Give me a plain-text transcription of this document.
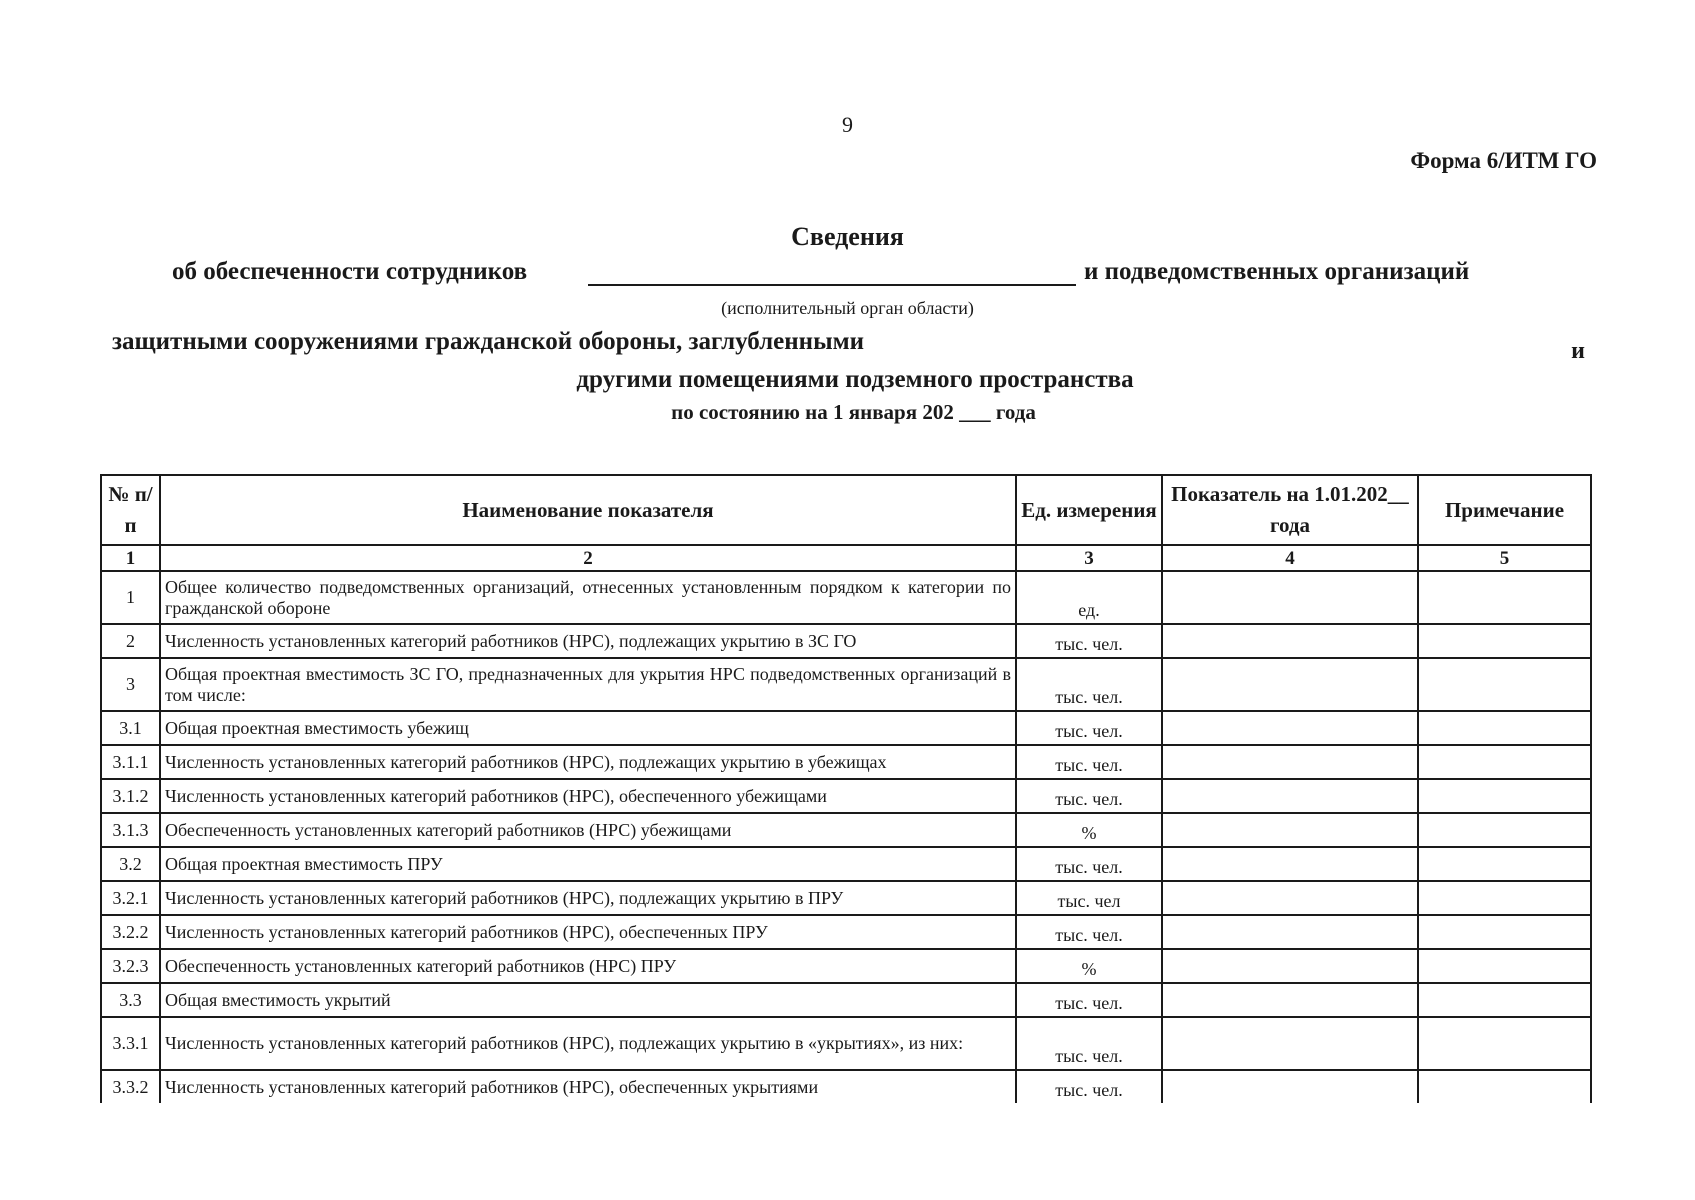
9
Форма 6/ИТМ ГО
Сведения
об обеспеченности сотрудников	и подведомственных организаций
(исполнительный орган области)
защитными сооружениями гражданской обороны, заглубленными	и
другими помещениями подземного пространства
по состоянию на 1 января 202 ___ года
№ п/п	Наименование показателя	Ед. измерения	Показатель на 1.01.202__ года	Примечание
1	2	3	4	5
1	Общее количество подведомственных организаций, отнесенных установленным порядком к категории по гражданской обороне	ед.		
2	Численность установленных категорий работников (НРС), подлежащих укрытию в ЗС ГО	тыс. чел.		
3	Общая проектная вместимость ЗС ГО, предназначенных для укрытия НРС подведомственных организаций в том числе:	тыс. чел.		
3.1	Общая проектная вместимость убежищ	тыс. чел.		
3.1.1	Численность установленных категорий работников (НРС), подлежащих укрытию в убежищах	тыс. чел.		
3.1.2	Численность установленных категорий работников (НРС), обеспеченного убежищами	тыс. чел.		
3.1.3	Обеспеченность установленных категорий работников (НРС) убежищами	%		
3.2	Общая проектная вместимость ПРУ	тыс. чел.		
3.2.1	Численность установленных категорий работников (НРС), подлежащих укрытию в ПРУ	тыс. чел		
3.2.2	Численность установленных категорий работников (НРС), обеспеченных ПРУ	тыс. чел.		
3.2.3	Обеспеченность установленных категорий работников (НРС) ПРУ	%		
3.3	Общая вместимость укрытий	тыс. чел.		
3.3.1	Численность установленных категорий работников (НРС), подлежащих укрытию в «укрытиях», из них:	тыс. чел.		
3.3.2	Численность установленных категорий работников (НРС), обеспеченных укрытиями	тыс. чел.		
